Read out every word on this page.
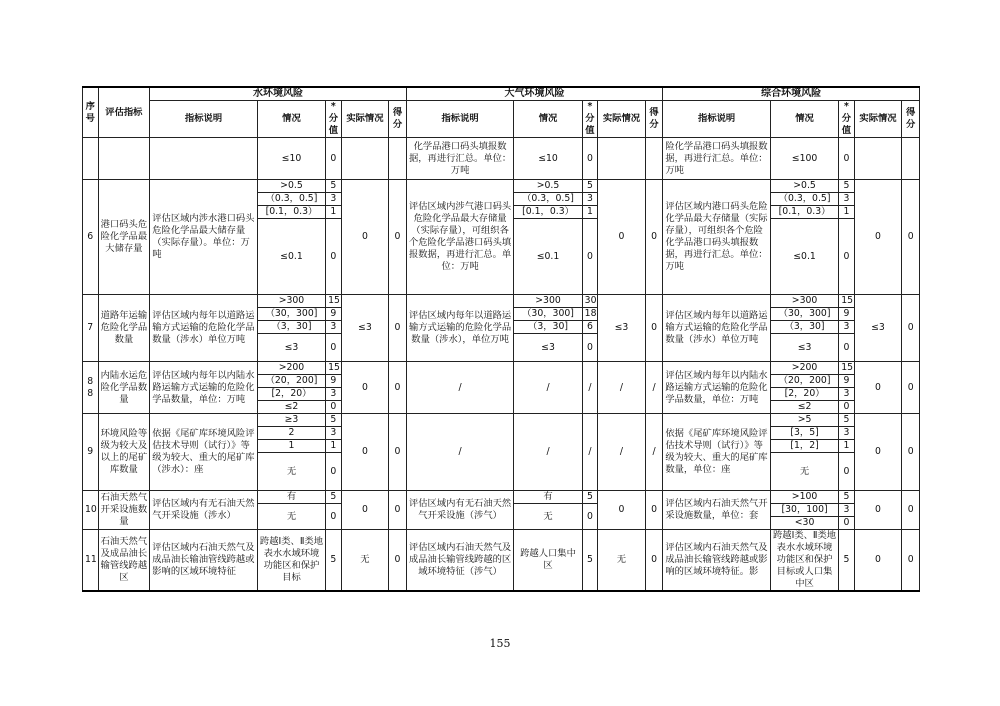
序号	评估指标	水环境风险					大气环境风险					综合环境风险				
		指标说明	情况	*分值	实际情况	得分	指标说明	情况	*分值	实际情况	得分	指标说明	情况	*分值	实际情况	得分
			≤10	0			化学品港口码头填报数据，再进行汇总。单位：万吨	≤10	0			险化学品港口码头填报数据，再进行汇总。单位：万吨	≤100	0		
6	港口码头危险化学品最大储存量	评估区域内涉水港口码头危险化学品最大储存量（实际存量）。单位：万吨	>0.5	5	0	0	评估区域内涉气港口码头危险化学品最大存储量（实际存量），可组织各个危险化学品港口码头填报数据，再进行汇总。单位：万吨	>0.5	5	0	0	评估区域内港口码头危险化学品最大存储量（实际存量），可组织各个危险化学品港口码头填报数据，再进行汇总。单位：万吨	>0.5	5	0	0
			（0.3，0.5]	3				（0.3，0.5]	3				（0.3，0.5]	3		
			[0.1，0.3）	1				[0.1，0.3）	1				[0.1，0.3）	1		
			≤0.1	0				≤0.1	0				≤0.1	0		
7	道路年运输危险化学品数量	评估区域内每年以道路运输方式运输的危险化学品数量（涉水）单位万吨	>300	15	≤3	0	评估区域内每年以道路运输方式运输的危险化学品数量（涉水），单位万吨	>300	30	≤3	0	评估区域内每年以道路运输方式运输的危险化学品数量（涉水）单位万吨	>300	15	≤3	0
			（30，300]	9				（30，300]	18				（30，300]	9		
			（3，30]	3				（3，30]	6				（3，30]	3		
			≤3	0				≤3	0				≤3	0		
8
8	内陆水运危险化学品数量	评估区域内每年以内陆水路运输方式运输的危险化学品数量，单位：万吨	>200	15	0	0	/	/	/	/	/	评估区域内每年以内陆水路运输方式运输的危险化学品数量，单位：万吨	>200	15	0	0
			（20，200]	9									（20，200]	9		
			[2，20）	3									[2，20）	3		
			≤2	0									≤2	0		
9	环境风险等级为较大及以上的尾矿库数量	依据《尾矿库环境风险评估技术导则（试行）》等级为较大、重大的尾矿库（涉水）：座	≥3	5	0	0	/	/	/	/	/	依据《尾矿库环境风险评估技术导则（试行）》等级为较大、重大的尾矿库数量，单位：座	>5	5	0	0
			2	3									[3，5]	3		
			1	1									[1，2]	1		
			无	0									无	0		
10	石油天然气开采设施数量	评估区域内有无石油天然气开采设施（涉水）	有	5	0	0	评估区域内有无石油天然气开采设施（涉气）	有	5	0	0	评估区域内石油天然气开采设施数量，单位：套	>100	5	0	0
			无	0				无	0				[30，100]	3		
													<30	0		
11	石油天然气及成品油长输管线跨越区	评估区域内石油天然气及成品油长输油管线跨越或影响的区域环境特征	跨越Ⅰ类、Ⅱ类地表水水域环境功能区和保护目标	5	无	0	评估区域内石油天然气及成品油长输管线跨越的区域环境特征（涉气）	跨越人口集中区	5	无	0	评估区域内石油天然气及成品油长输管线跨越或影响的区域环境特征。影	跨越Ⅰ类、Ⅱ类地表水水域环境功能区和保护目标或人口集中区	5	0	0
155
